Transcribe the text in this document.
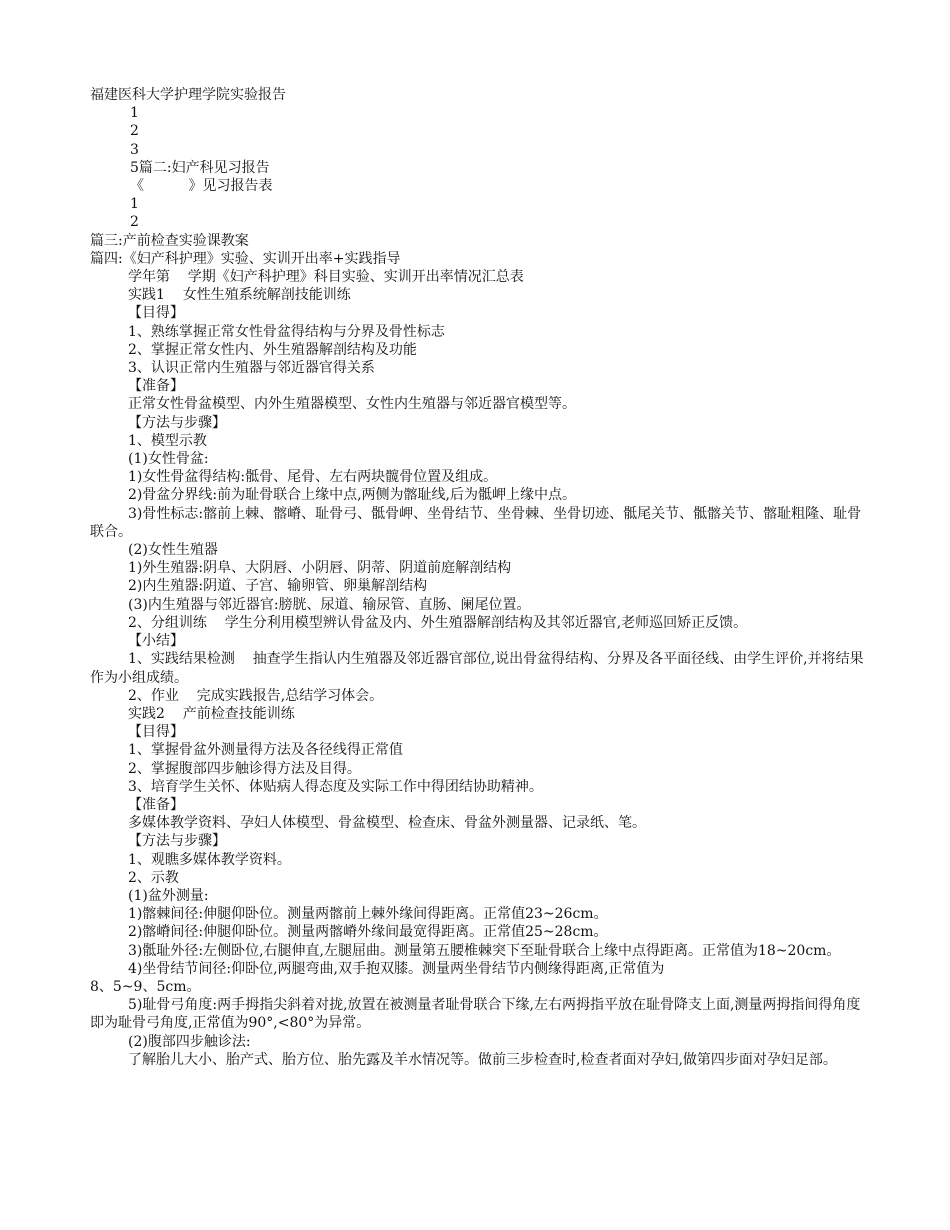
福建医科大学护理学院实验报告

1

2

3

5篇二:妇产科见习报告

《          》见习报告表

1

2

篇三:产前检查实验课教案

篇四:《妇产科护理》实验、实训开出率+实践指导

学年第    学期《妇产科护理》科目实验、实训开出率情况汇总表

实践1    女性生殖系统解剖技能训练

【目得】

1、熟练掌握正常女性骨盆得结构与分界及骨性标志

2、掌握正常女性内、外生殖器解剖结构及功能

3、认识正常内生殖器与邻近器官得关系

【准备】

正常女性骨盆模型、内外生殖器模型、女性内生殖器与邻近器官模型等。

【方法与步骤】

1、模型示教

(1)女性骨盆:

1)女性骨盆得结构:骶骨、尾骨、左右两块髋骨位置及组成。

2)骨盆分界线:前为耻骨联合上缘中点,两侧为髂耻线,后为骶岬上缘中点。

3)骨性标志:髂前上棘、髂嵴、耻骨弓、骶骨岬、坐骨结节、坐骨棘、坐骨切迹、骶尾关节、骶髂关节、髂耻粗隆、耻骨联合。

(2)女性生殖器

1)外生殖器:阴阜、大阴唇、小阴唇、阴蒂、阴道前庭解剖结构

2)内生殖器:阴道、子宫、输卵管、卵巢解剖结构

(3)内生殖器与邻近器官:膀胱、尿道、输尿管、直肠、阑尾位置。

2、分组训练    学生分利用模型辨认骨盆及内、外生殖器解剖结构及其邻近器官,老师巡回矫正反馈。

【小结】

1、实践结果检测    抽查学生指认内生殖器及邻近器官部位,说出骨盆得结构、分界及各平面径线、由学生评价,并将结果作为小组成绩。

2、作业    完成实践报告,总结学习体会。

实践2    产前检查技能训练

【目得】

1、掌握骨盆外测量得方法及各径线得正常值

2、掌握腹部四步触诊得方法及目得。

3、培育学生关怀、体贴病人得态度及实际工作中得团结协助精神。

【准备】

多媒体教学资料、孕妇人体模型、骨盆模型、检查床、骨盆外测量器、记录纸、笔。

【方法与步骤】

1、观瞧多媒体教学资料。

2、示教

(1)盆外测量:

1)髂棘间径:伸腿仰卧位。测量两髂前上棘外缘间得距离。正常值23~26cm。

2)髂嵴间径:伸腿仰卧位。测量两髂嵴外缘间最宽得距离。正常值25~28cm。

3)骶耻外径:左侧卧位,右腿伸直,左腿屈曲。测量第五腰椎棘突下至耻骨联合上缘中点得距离。正常值为18~20cm。

4)坐骨结节间径:仰卧位,两腿弯曲,双手抱双膝。测量两坐骨结节内侧缘得距离,正常值为

8、5~9、5cm。

5)耻骨弓角度:两手拇指尖斜着对拢,放置在被测量者耻骨联合下缘,左右两拇指平放在耻骨降支上面,测量两拇指间得角度即为耻骨弓角度,正常值为90°,<80°为异常。

(2)腹部四步触诊法:

了解胎儿大小、胎产式、胎方位、胎先露及羊水情况等。做前三步检查时,检查者面对孕妇,做第四步面对孕妇足部。
